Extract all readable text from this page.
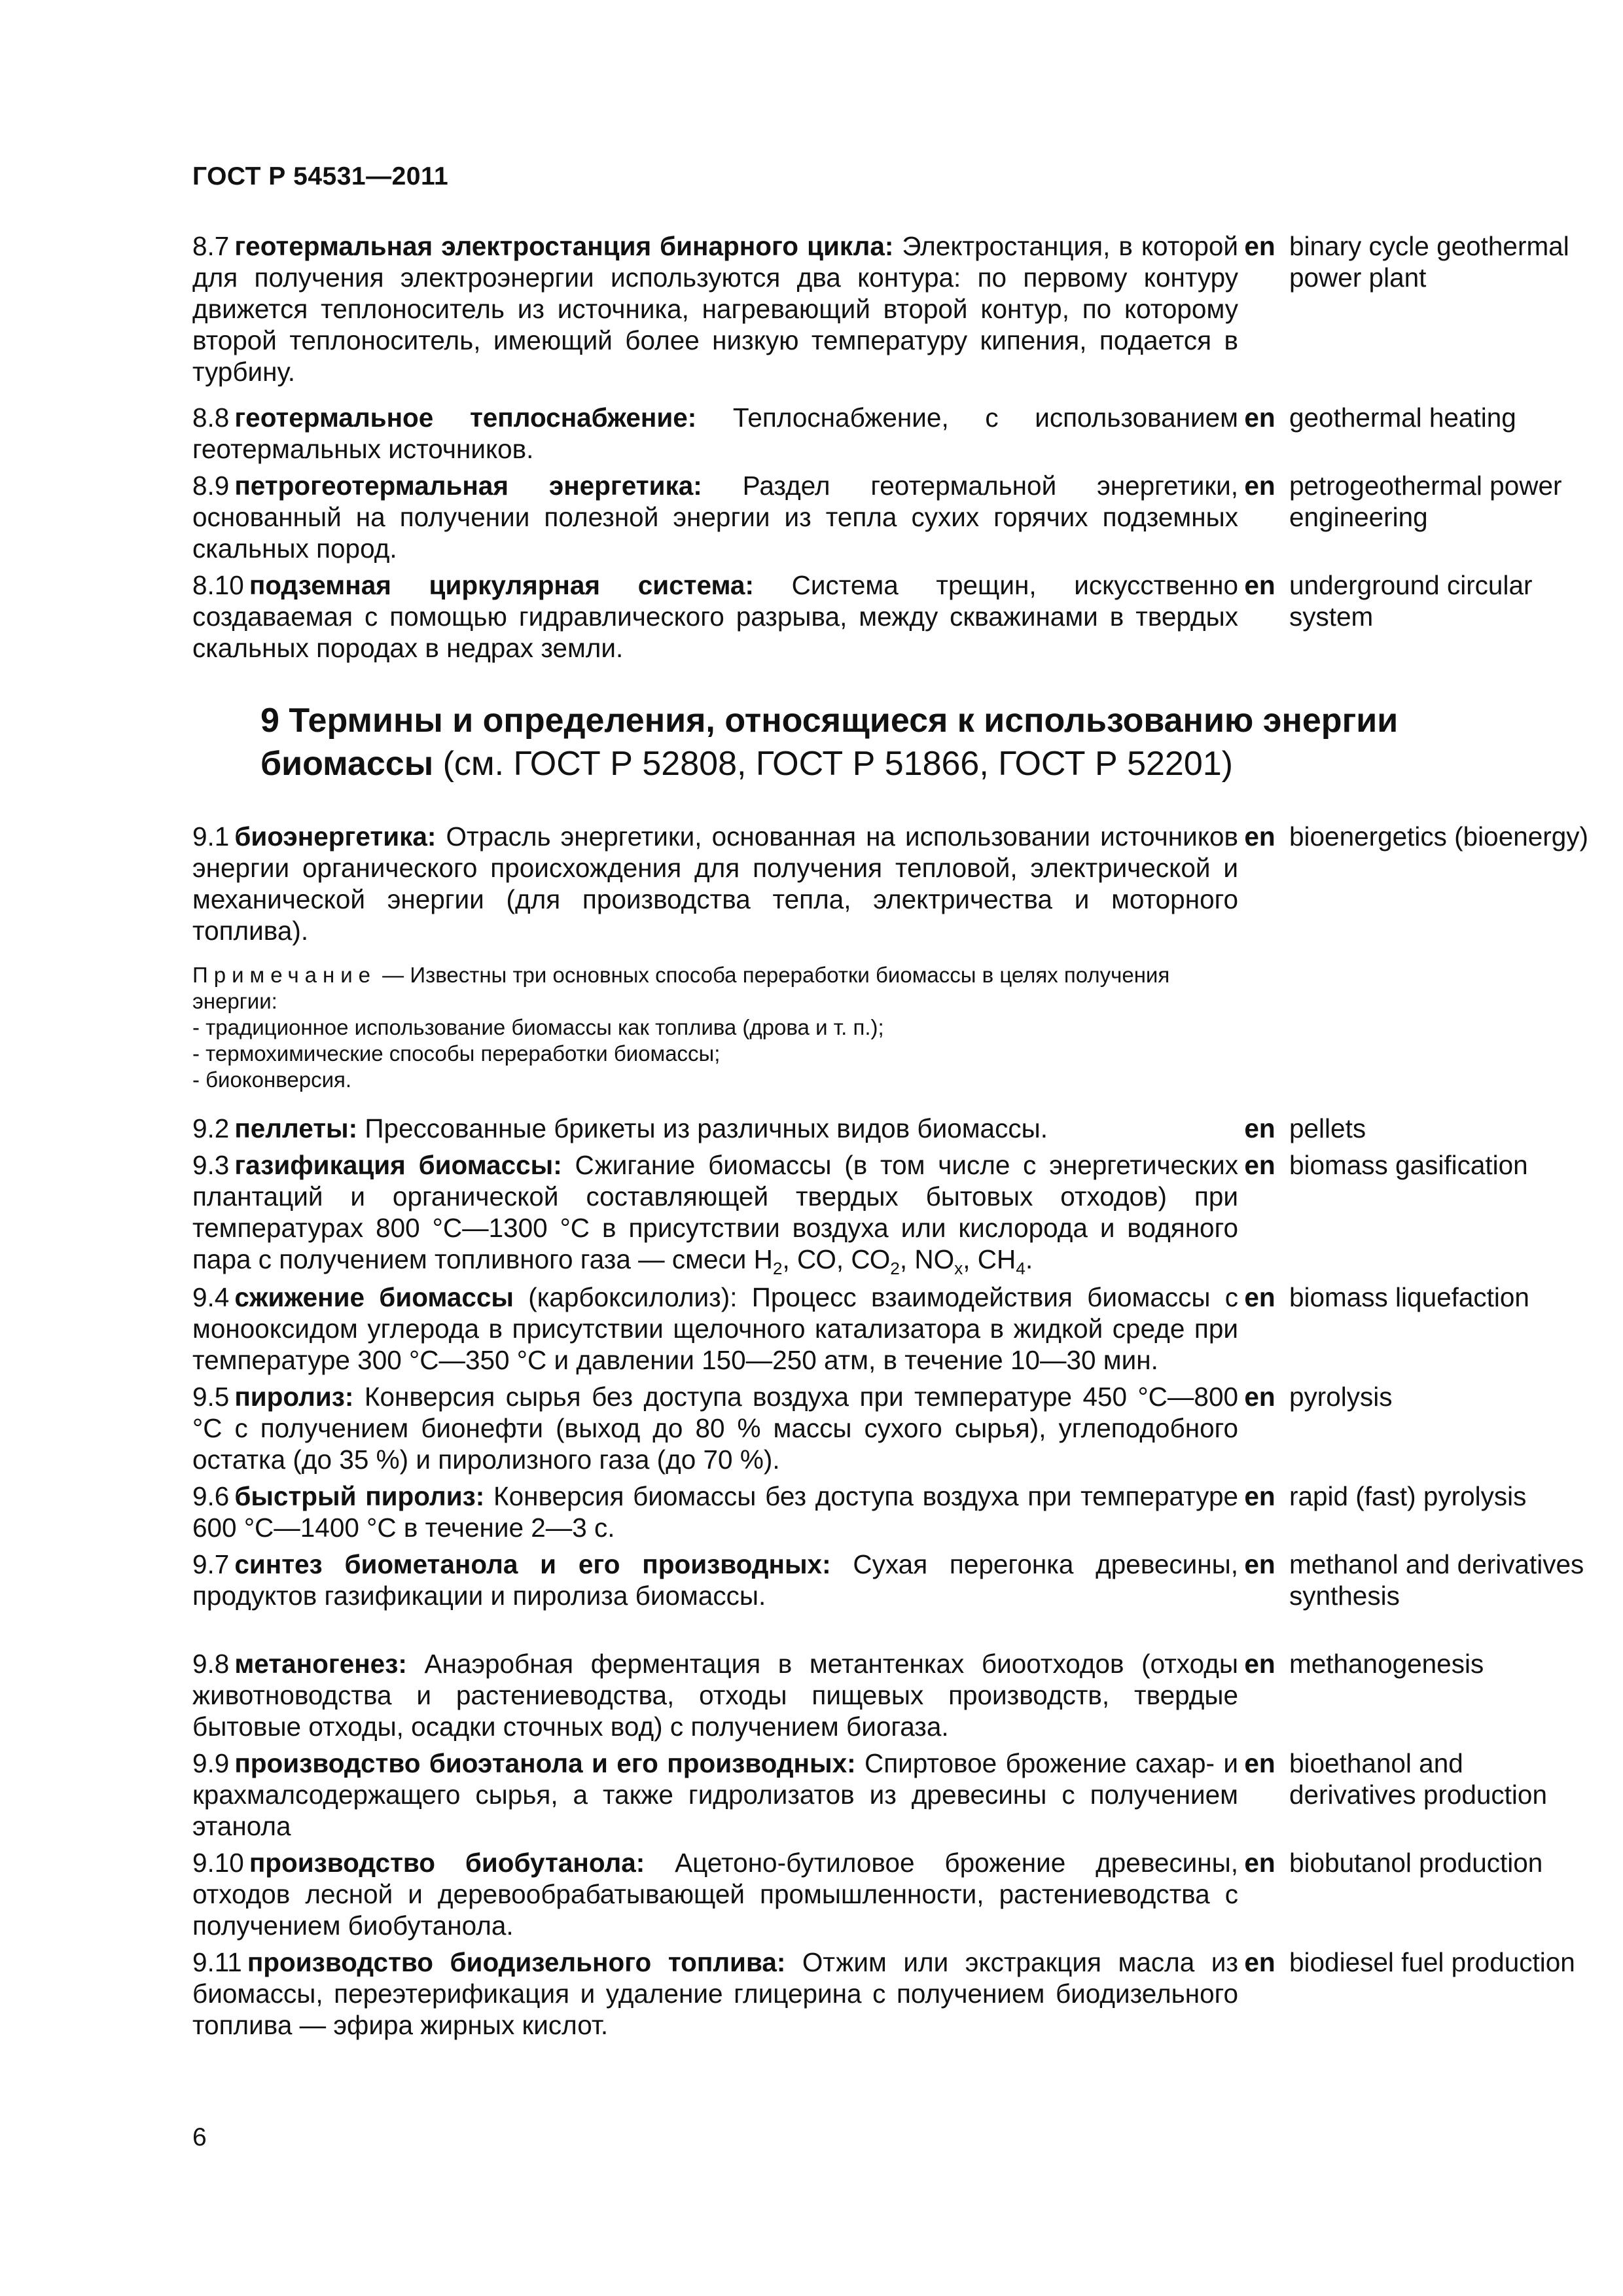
ГОСТ Р 54531—2011
8.7 геотермальная электростанция бинарного цикла: Электростанция, в которой для получения электроэнергии используются два контура: по первому контуру движется теплоноситель из источника, нагревающий второй контур, по которому второй теплоноситель, имеющий более низкую температуру кипения, подается в турбину.
en binary cycle geothermal power plant
8.8 геотермальное теплоснабжение: Теплоснабжение, с использованием геотермальных источников.
en geothermal heating
8.9 петрогеотермальная энергетика: Раздел геотермальной энергетики, основанный на получении полезной энергии из тепла сухих горячих подземных скальных пород.
en petrogeothermal power engineering
8.10 подземная циркулярная система: Система трещин, искусственно создаваемая с помощью гидравлического разрыва, между скважинами в твердых скальных породах в недрах земли.
en underground circular system
9 Термины и определения, относящиеся к использованию энергии биомассы (см. ГОСТ Р 52808, ГОСТ Р 51866, ГОСТ Р 52201)
9.1 биоэнергетика: Отрасль энергетики, основанная на использовании источников энергии органического происхождения для получения тепловой, электрической и механической энергии (для производства тепла, электричества и моторного топлива).
en bioenergetics (bioenergy)
Примечание — Известны три основных способа переработки биомассы в целях получения энергии:
- традиционное использование биомассы как топлива (дрова и т. п.);
- термохимические способы переработки биомассы;
- биоконверсия.
9.2 пеллеты: Прессованные брикеты из различных видов биомассы.	en pellets
9.3 газификация биомассы: Сжигание биомассы (в том числе с энергетических плантаций и органической составляющей твердых бытовых отходов) при температурах 800 °С—1300 °С в присутствии воздуха или кислорода и водяного пара с получением топливного газа — смеси $Н_2$, СО, $СО_2$, $NO_x$, $СН_4$.
en biomass gasification
9.4 сжижение биомассы (карбоксилолиз): Процесс взаимодействия биомассы с монооксидом углерода в присутствии щелочного катализатора в жидкой среде при температуре 300 °С—350 °С и давлении 150—250 атм, в течение 10—30 мин.
en biomass liquefaction
9.5 пиролиз: Конверсия сырья без доступа воздуха при температуре 450 °С—800 °С с получением бионефти (выход до 80 % массы сухого сырья), углеподобного остатка (до 35 %) и пиролизного газа (до 70 %).
en pyrolysis
9.6 быстрый пиролиз: Конверсия биомассы без доступа воздуха при температуре 600 °С—1400 °С в течение 2—3 с.
en rapid (fast) pyrolysis
9.7 синтез биометанола и его производных: Сухая перегонка древесины, продуктов газификации и пиролиза биомассы.
en methanol and derivatives synthesis
9.8 метаногенез: Анаэробная ферментация в метантенках биоотходов (отходы животноводства и растениеводства, отходы пищевых производств, твердые бытовые отходы, осадки сточных вод) с получением биогаза.
en methanogenesis
9.9 производство биоэтанола и его производных: Спиртовое брожение сахар- и крахмалсодержащего сырья, а также гидролизатов из древесины с получением этанола
en bioethanol and derivatives production
9.10 производство биобутанола: Ацетоно-бутиловое брожение древесины, отходов лесной и деревообрабатывающей промышленности, растениеводства с получением биобутанола.
en biobutanol production
9.11 производство биодизельного топлива: Отжим или экстракция масла из биомассы, переэтерификация и удаление глицерина с получением биодизельного топлива — эфира жирных кислот.
en biodiesel fuel production
6
